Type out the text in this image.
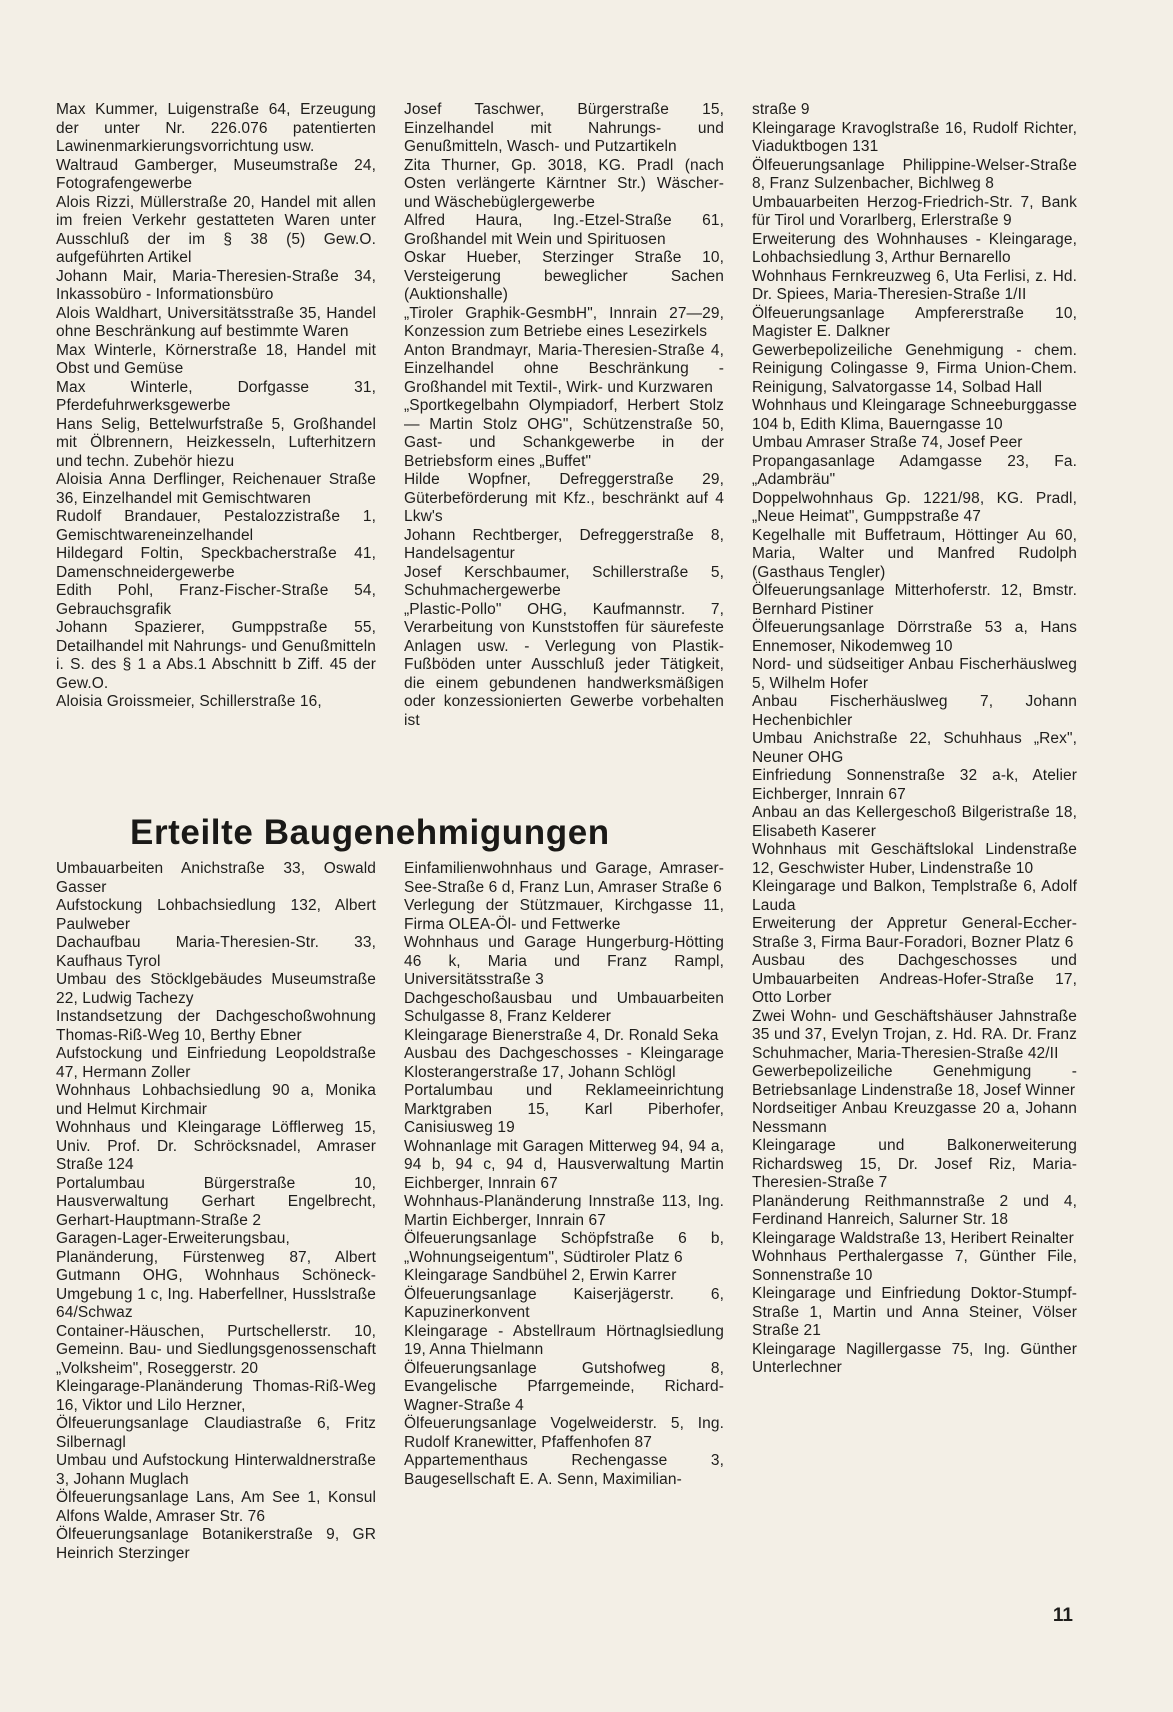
Max Kummer, Luigenstraße 64, Erzeugung der unter Nr. 226.076 patentierten Lawinenmarkierungsvorrichtung usw.

Waltraud Gamberger, Museumstraße 24, Fotografengewerbe

Alois Rizzi, Müllerstraße 20, Handel mit allen im freien Verkehr gestatteten Waren unter Ausschluß der im § 38 (5) Gew.O. aufgeführten Artikel

Johann Mair, Maria-Theresien-Straße 34, Inkassobüro - Informationsbüro

Alois Waldhart, Universitätsstraße 35, Handel ohne Beschränkung auf bestimmte Waren

Max Winterle, Körnerstraße 18, Handel mit Obst und Gemüse

Max Winterle, Dorfgasse 31, Pferdefuhrwerksgewerbe

Hans Selig, Bettelwurfstraße 5, Großhandel mit Ölbrennern, Heizkesseln, Lufterhitzern und techn. Zubehör hiezu

Aloisia Anna Derflinger, Reichenauer Straße 36, Einzelhandel mit Gemischtwaren

Rudolf Brandauer, Pestalozzistraße 1, Gemischtwareneinzelhandel

Hildegard Foltin, Speckbacherstraße 41, Damenschneidergewerbe

Edith Pohl, Franz-Fischer-Straße 54, Gebrauchsgrafik

Johann Spazierer, Gumppstraße 55, Detailhandel mit Nahrungs- und Genußmitteln i. S. des § 1 a Abs.1 Abschnitt b Ziff. 45 der Gew.O.

Aloisia Groissmeier, Schillerstraße 16,

Josef Taschwer, Bürgerstraße 15, Einzelhandel mit Nahrungs- und Genußmitteln, Wasch- und Putzartikeln

Zita Thurner, Gp. 3018, KG. Pradl (nach Osten verlängerte Kärntner Str.) Wäscher- und Wäschebüglergewerbe

Alfred Haura, Ing.-Etzel-Straße 61, Großhandel mit Wein und Spirituosen

Oskar Hueber, Sterzinger Straße 10, Versteigerung beweglicher Sachen (Auktionshalle)

„Tiroler Graphik-GesmbH", Innrain 27—29, Konzession zum Betriebe eines Lesezirkels

Anton Brandmayr, Maria-Theresien-Straße 4, Einzelhandel ohne Beschränkung - Großhandel mit Textil-, Wirk- und Kurzwaren

„Sportkegelbahn Olympiadorf, Herbert Stolz — Martin Stolz OHG", Schützenstraße 50, Gast- und Schankgewerbe in der Betriebsform eines „Buffet"

Hilde Wopfner, Defreggerstraße 29, Güterbeförderung mit Kfz., beschränkt auf 4 Lkw's

Johann Rechtberger, Defreggerstraße 8, Handelsagentur

Josef Kerschbaumer, Schillerstraße 5, Schuhmachergewerbe

„Plastic-Pollo" OHG, Kaufmannstr. 7, Verarbeitung von Kunststoffen für säurefeste Anlagen usw. - Verlegung von Plastik-Fußböden unter Ausschluß jeder Tätigkeit, die einem gebundenen handwerksmäßigen oder konzessionierten Gewerbe vorbehalten ist

straße 9

Kleingarage Kravoglstraße 16, Rudolf Richter, Viaduktbogen 131

Ölfeuerungsanlage Philippine-Welser-Straße 8, Franz Sulzenbacher, Bichlweg 8

Umbauarbeiten Herzog-Friedrich-Str. 7, Bank für Tirol und Vorarlberg, Erlerstraße 9

Erweiterung des Wohnhauses - Kleingarage, Lohbachsiedlung 3, Arthur Bernarello

Wohnhaus Fernkreuzweg 6, Uta Ferlisi, z. Hd. Dr. Spiees, Maria-Theresien-Straße 1/II

Ölfeuerungsanlage Ampfererstraße 10, Magister E. Dalkner

Gewerbepolizeiliche Genehmigung - chem. Reinigung Colingasse 9, Firma Union-Chem. Reinigung, Salvatorgasse 14, Solbad Hall

Wohnhaus und Kleingarage Schneeburggasse 104 b, Edith Klima, Bauerngasse 10

Umbau Amraser Straße 74, Josef Peer

Propangasanlage Adamgasse 23, Fa. „Adambräu"

Doppelwohnhaus Gp. 1221/98, KG. Pradl, „Neue Heimat", Gumppstraße 47

Kegelhalle mit Buffetraum, Höttinger Au 60, Maria, Walter und Manfred Rudolph (Gasthaus Tengler)

Ölfeuerungsanlage Mitterhoferstr. 12, Bmstr. Bernhard Pistiner

Ölfeuerungsanlage Dörrstraße 53 a, Hans Ennemoser, Nikodemweg 10

Nord- und südseitiger Anbau Fischerhäuslweg 5, Wilhelm Hofer

Anbau Fischerhäuslweg 7, Johann Hechenbichler

Umbau Anichstraße 22, Schuhhaus „Rex", Neuner OHG

Einfriedung Sonnenstraße 32 a-k, Atelier Eichberger, Innrain 67

Anbau an das Kellergeschoß Bilgeristraße 18, Elisabeth Kaserer

Wohnhaus mit Geschäftslokal Lindenstraße 12, Geschwister Huber, Lindenstraße 10

Kleingarage und Balkon, Templstraße 6, Adolf Lauda

Erweiterung der Appretur General-Eccher-Straße 3, Firma Baur-Foradori, Bozner Platz 6

Ausbau des Dachgeschosses und Umbauarbeiten Andreas-Hofer-Straße 17, Otto Lorber

Zwei Wohn- und Geschäftshäuser Jahnstraße 35 und 37, Evelyn Trojan, z. Hd. RA. Dr. Franz Schuhmacher, Maria-Theresien-Straße 42/II

Gewerbepolizeiliche Genehmigung - Betriebsanlage Lindenstraße 18, Josef Winner

Nordseitiger Anbau Kreuzgasse 20 a, Johann Nessmann

Kleingarage und Balkonerweiterung Richardsweg 15, Dr. Josef Riz, Maria-Theresien-Straße 7

Planänderung Reithmannstraße 2 und 4, Ferdinand Hanreich, Salurner Str. 18

Kleingarage Waldstraße 13, Heribert Reinalter

Wohnhaus Perthalergasse 7, Günther File, Sonnenstraße 10

Kleingarage und Einfriedung Doktor-Stumpf-Straße 1, Martin und Anna Steiner, Völser Straße 21

Kleingarage Nagillergasse 75, Ing. Günther Unterlechner

Erteilte Baugenehmigungen

Umbauarbeiten Anichstraße 33, Oswald Gasser

Aufstockung Lohbachsiedlung 132, Albert Paulweber

Dachaufbau Maria-Theresien-Str. 33, Kaufhaus Tyrol

Umbau des Stöcklgebäudes Museumstraße 22, Ludwig Tachezy

Instandsetzung der Dachgeschoßwohnung Thomas-Riß-Weg 10, Berthy Ebner

Aufstockung und Einfriedung Leopoldstraße 47, Hermann Zoller

Wohnhaus Lohbachsiedlung 90 a, Monika und Helmut Kirchmair

Wohnhaus und Kleingarage Löfflerweg 15, Univ. Prof. Dr. Schröcksnadel, Amraser Straße 124

Portalumbau Bürgerstraße 10, Hausverwaltung Gerhart Engelbrecht, Gerhart-Hauptmann-Straße 2

Garagen-Lager-Erweiterungsbau, Planänderung, Fürstenweg 87, Albert Gutmann OHG, Wohnhaus Schöneck-Umgebung 1 c, Ing. Haberfellner, Husslstraße 64/Schwaz

Container-Häuschen, Purtschellerstr. 10, Gemeinn. Bau- und Siedlungsgenossenschaft „Volksheim", Roseggerstr. 20

Kleingarage-Planänderung Thomas-Riß-Weg 16, Viktor und Lilo Herzner,

Ölfeuerungsanlage Claudiastraße 6, Fritz Silbernagl

Umbau und Aufstockung Hinterwaldnerstraße 3, Johann Muglach

Ölfeuerungsanlage Lans, Am See 1, Konsul Alfons Walde, Amraser Str. 76

Ölfeuerungsanlage Botanikerstraße 9, GR Heinrich Sterzinger

Einfamilienwohnhaus und Garage, Amraser-See-Straße 6 d, Franz Lun, Amraser Straße 6

Verlegung der Stützmauer, Kirchgasse 11, Firma OLEA-Öl- und Fettwerke

Wohnhaus und Garage Hungerburg-Hötting 46 k, Maria und Franz Rampl, Universitätsstraße 3

Dachgeschoßausbau und Umbauarbeiten Schulgasse 8, Franz Kelderer

Kleingarage Bienerstraße 4, Dr. Ronald Seka

Ausbau des Dachgeschosses - Kleingarage Klosterangerstraße 17, Johann Schlögl

Portalumbau und Reklameeinrichtung Marktgraben 15, Karl Piberhofer, Canisiusweg 19

Wohnanlage mit Garagen Mitterweg 94, 94 a, 94 b, 94 c, 94 d, Hausverwaltung Martin Eichberger, Innrain 67

Wohnhaus-Planänderung Innstraße 113, Ing. Martin Eichberger, Innrain 67

Ölfeuerungsanlage Schöpfstraße 6 b, „Wohnungseigentum", Südtiroler Platz 6

Kleingarage Sandbühel 2, Erwin Karrer

Ölfeuerungsanlage Kaiserjägerstr. 6, Kapuzinerkonvent

Kleingarage - Abstellraum Hörtnaglsiedlung 19, Anna Thielmann

Ölfeuerungsanlage Gutshofweg 8, Evangelische Pfarrgemeinde, Richard-Wagner-Straße 4

Ölfeuerungsanlage Vogelweiderstr. 5, Ing. Rudolf Kranewitter, Pfaffenhofen 87

Appartementhaus Rechengasse 3, Baugesellschaft E. A. Senn, Maximilian-

11
